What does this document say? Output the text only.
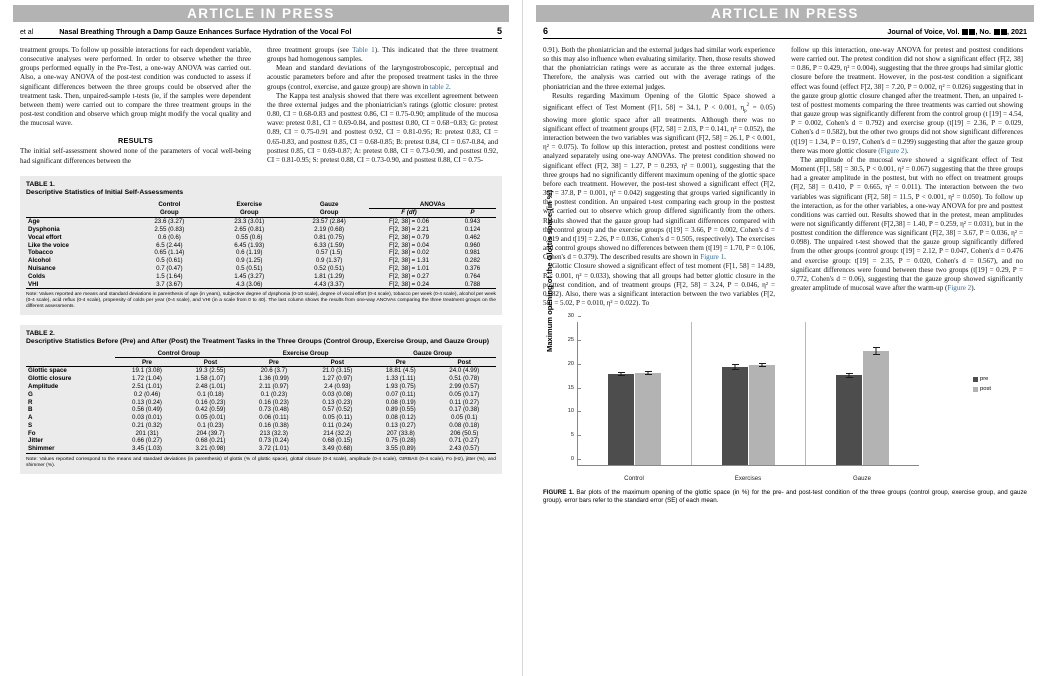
ARTICLE IN PRESS
et al	Nasal Breathing Through a Damp Gauze Enhances Surface Hydration of the Vocal Fol	5

treatment groups. To follow up possible interactions for each dependent variable, consecutive analyses were performed. In order to observe whether the three groups performed equally in the Pre-Test, a one-way ANOVA was carried out. Also, a one-way ANOVA of the post-test condition was conducted to assess if significant differences between the three groups could be observed after the treatment task. Then, unpaired-sample t-tests (ie, if the samples were dependent between them) were carried out to compare the three treatment groups in the post-test condition and observe which group might modify the vocal quality and the mucosal wave.

RESULTS

The initial self-assessment showed none of the parameters of vocal well-being had significant differences between the

three treatment groups (see Table 1). This indicated that the three treatment groups had homogenous samples.

Mean and standard deviations of the laryngostroboscopic, perceptual and acoustic parameters before and after the proposed treatment tasks in the three groups (control, exercise, and gauze group) are shown in table 2.

The Kappa test analysis showed that there was excellent agreement between the three external judges and the phoniatrician's ratings (glottic closure: pretest 0.80, CI = 0.68-0.83 and posttest 0.86, CI = 0.75-0.90; amplitude of the mucosa wave: pretest 0.81, CI = 0.69-0.84, and posttest 0.80, CI = 0.68−0.83; G: pretest 0.89, CI = 0.75-0.91 and posttest 0.92, CI = 0.81-0.95; R: pretest 0.83, CI = 0.65-0.83, and posttest 0.85, CI = 0.68-0.85; B: pretest 0.84, CI = 0.67-0.84, and posttest 0.85, CI = 0.69-0.87; A: pretest 0.88, CI = 0.73-0.90, and posttest 0.92, CI = 0.81-0.95; S: pretest 0.88, CI = 0.73-0.90, and posttest 0.88, CI = 0.75-

TABLE 1.
Descriptive Statistics of Initial Self-Assessments
	Control	Exercise	Gauze	ANOVAs	
	Group	Group	Group	F (df)	P
Age	23.6 (3.27)	23.3 (3.01)	23.57 (2.84)	F[2, 38] = 0.06	0.943
Dysphonia	2.55 (0.83)	2.65 (0.81)	2.19 (0.68)	F[2, 38] = 2.21	0.124
Vocal effort	0.6 (0.6)	0.55 (0.6)	0.81 (0.75)	F[2, 38] = 0.79	0.462
Like the voice	6.5 (2.44)	6.45 (1.93)	6.33 (1.59)	F[2, 38] = 0.04	0.960
Tobacco	0.65 (1.14)	0.6 (1.19)	0.57 (1.5)	F[2, 38] = 0.02	0.981
Alcohol	0.5 (0.61)	0.9 (1.25)	0.9 (1.37)	F[2, 38] = 1.31	0.282
Nuisance	0.7 (0.47)	0.5 (0.51)	0.52 (0.51)	F[2, 38] = 1.01	0.376
Colds	1.5 (1.64)	1.45 (3.27)	1.81 (1.29)	F[2, 38] = 0.27	0.764
VHI	3.7 (3.67)	4.3 (3.06)	4.43 (3.37)	F[2, 38] = 0.24	0.788
Note: Values reported are means and standard deviations in parenthesis of age (in years), subjective degree of dysphonia (0-10 scale), degree of vocal effort (0-4 scale), tobacco per week (0-4 scale), alcohol per week (0-4 scale), acid reflux (0-4 scale), propensity of colds per year (0-4 scale), and VHI (in a scale from 0 to 40). The last column shows the results from one-way ANOVAs comparing the three treatment groups on the different assessments.
TABLE 2.
Descriptive Statistics Before (Pre) and After (Post) the Treatment Tasks in the Three Groups (Control Group, Exercise Group, and Gauze Group)
	Control Group		Exercise Group		Gauze Group	
	Pre	Post	Pre	Post	Pre	Post
Glottic space	19.1 (3.08)	19.3 (2.55)	20.6 (3.7)	21.0 (3.15)	18.81 (4.5)	24.0 (4.99)
Glottic closure	1.72 (1.04)	1.58 (1.07)	1.36 (0.99)	1.27 (0.97)	1.33 (1.11)	0.51 (0.78)
Amplitude	2.51 (1.01)	2.48 (1.01)	2.11 (0.97)	2.4 (0.93)	1.93 (0.75)	2.99 (0.57)
G	0.2 (0.46)	0.1 (0.18)	0.1 (0.23)	0.03 (0.08)	0.07 (0.11)	0.05 (0.17)
R	0.13 (0.24)	0.16 (0.23)	0.16 (0.23)	0.13 (0.23)	0.08 (0.19)	0.11 (0.27)
B	0.56 (0.49)	0.42 (0.59)	0.73 (0.48)	0.57 (0.52)	0.89 (0.55)	0.17 (0.38)
A	0.03 (0.01)	0.05 (0.01)	0.06 (0.11)	0.05 (0.11)	0.08 (0.12)	0.05 (0.1)
S	0.21 (0.32)	0.1 (0.23)	0.16 (0.38)	0.11 (0.24)	0.13 (0.27)	0.08 (0.18)
Fo	201 (31)	204 (39.7)	213 (32.3)	214 (32.2)	207 (33.8)	206 (50.5)
Jitter	0.66 (0.27)	0.68 (0.21)	0.73 (0.24)	0.68 (0.15)	0.75 (0.28)	0.71 (0.27)
Shimmer	3.45 (1.03)	3.21 (0.98)	3.72 (1.01)	3.49 (0.68)	3.55 (0.89)	2.43 (0.57)
Note: Values reported correspond to the means and standard deviations (in parenthesis) of glottis (% of glottic space), glottal closure (0-4 scale), amplitude (0-4 scale), GIRBAS (0-4 scale), Fo (Hz), jitter (%), and shimmer (%).
ARTICLE IN PRESS
6	Journal of Voice, Vol. , No. , 2021

0.91). Both the phoniatrician and the external judges had similar work experience so this may also influence when evaluating similarity. Then, those results showed that the phoniatrician ratings were as accurate as the three external judges. Therefore, the analysis was carried out with the average ratings of the phoniatrician and the three external judges.

Results regarding Maximum Opening of the Glottic Space showed a significant effect of Test Moment (F[1, 58] = 34.1, P < 0.001, $\eta_p^2 = 0.05$) showing more glottic space after all treatments. Although there was no significant effect of treatment groups (F[2, 58] = 2.03, P = 0.141, η² = 0.052), the interaction between the two variables was significant (F[2, 58] = 26.1, P < 0.001, η² = 0.075). To follow up this interaction, pretest and posttest conditions were analyzed separately using one-way ANOVAs. The pretest condition showed no significant effect (F[2, 38] = 1.27, P = 0.293, η² = 0.001), suggesting that the three groups had no significantly different maximum opening of the glottic space before each treatment. However, the post-test showed a significant effect (F[2, 38] = 37.8, P = 0.001, η² = 0.042) suggesting that groups varied significantly in the posttest condition. An unpaired t-test comparing each group in the posttest was carried out to observe which group differed significantly from the others. Results showed that the gauze group had significant differences compared with the control group and the exercise groups (t[19] = 3.66, P = 0.002, Cohen's d = 0.819 and t[19] = 2.26, P = 0.036, Cohen's d = 0.505, respectively). The exercises and control groups showed no differences between them (t[19] = 1.70, P = 0.106, Cohen's d = 0.379). The described results are shown in Figure 1.

Glottic Closure showed a significant effect of test moment (F[1, 58] = 14.89, P < 0.001, η² = 0.033), showing that all groups had better glottic closure in the posttest condition, and of treatment groups (F[2, 58] = 3.24, P = 0.046, η² = 0.082). Also, there was a significant interaction between the two variables (F[2, 58] = 5.02, P = 0.010, η² = 0.022). To

follow up this interaction, one-way ANOVA for pretest and posttest conditions were carried out. The pretest condition did not show a significant effect (F[2, 38] = 0.86, P = 0.429, η² = 0.004), suggesting that the three groups had similar glottic closure before the treatment. However, in the post-test condition a significant effect was found (effect F[2, 38] = 7.20, P = 0.002, η² = 0.026) suggesting that in the gauze group glottic closure changed after the treatment. Then, an unpaired t-test of posttest moments comparing the three treatments was carried out showing that gauze group was significantly different from the control group (t [19] = 4.54, P = 0.002, Cohen's d = 0.792) and exercise group (t[19] = 2.36, P = 0.029, Cohen's d = 0.582), but the other two groups did not show significant differences (t[19] = 1.34, P = 0.197, Cohen's d = 0.299) suggesting that after the gauze group there was more glottic closure (Figure 2).

The amplitude of the mucosal wave showed a significant effect of Test Moment (F[1, 58] = 30.5, P < 0.001, η² = 0.067) suggesting that the three groups had a greater amplitude in the posttest, but with no effect on treatment groups (F[2, 58] = 0.410, P = 0.665, η² = 0.011). The interaction between the two variables was significant (F[2, 58] = 11.5, P < 0.001, η² = 0.050). To follow up the interaction, as for the other variables, a one-way ANOVA for pre and posttest conditions was carried out. Results showed that in the pretest, mean amplitudes were not significantly different (F[2,38] = 1.40, P = 0.259, η² = 0.031), but in the posttest condition the difference was significant (F[2, 38] = 3.67, P = 0.036, η² = 0.098). The unpaired t-test showed that the gauze group significantly differed from the other groups (control group: t[19] = 2.12, P = 0.047, Cohen's d = 0.476 and exercise group: t[19] = 2.35, P = 0.020, Cohen's d = 0.567), and no significant differences were found between these two groups (t[19] = 0.29, P = 0.772, Cohen's d = 0.06), suggesting that the gauze group showed significantly greater amplitude of mucosal wave after the warm-up (Figure 2).

Maximum opening of the Glottis space (in %)
0
5
10
15
20
25
30
Control	Exercises	Gauze
pre
post
FIGURE 1. Bar plots of the maximum opening of the glottic space (in %) for the pre- and post-test condition of the three groups (control group, exercise group, and gauze group). error bars refer to the standard error (SE) of each mean.
